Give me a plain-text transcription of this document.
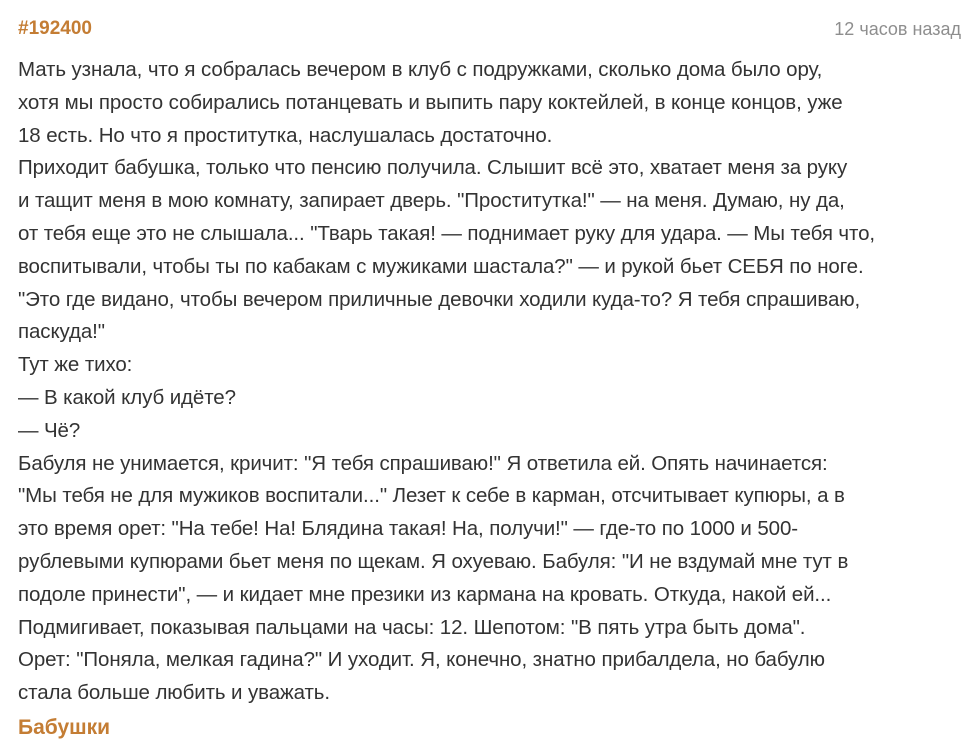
#192400	12 часов назад
Мать узнала, что я собралась вечером в клуб с подружками, сколько дома было ору,
хотя мы просто собирались потанцевать и выпить пару коктейлей, в конце концов, уже
18 есть. Но что я проститутка, наслушалась достаточно.
Приходит бабушка, только что пенсию получила. Слышит всё это, хватает меня за руку
и тащит меня в мою комнату, запирает дверь. "Проститутка!" — на меня. Думаю, ну да,
от тебя еще это не слышала... "Тварь такая! — поднимает руку для удара. — Мы тебя что,
воспитывали, чтобы ты по кабакам с мужиками шастала?" — и рукой бьет СЕБЯ по ноге.
"Это где видано, чтобы вечером приличные девочки ходили куда-то? Я тебя спрашиваю,
паскуда!"
Тут же тихо:
— В какой клуб идёте?
— Чё?
Бабуля не унимается, кричит: "Я тебя спрашиваю!" Я ответила ей. Опять начинается:
"Мы тебя не для мужиков воспитали..." Лезет к себе в карман, отсчитывает купюры, а в
это время орет: "На тебе! На! Блядина такая! На, получи!" — где-то по 1000 и 500-
рублевыми купюрами бьет меня по щекам. Я охуеваю. Бабуля: "И не вздумай мне тут в
подоле принести", — и кидает мне презики из кармана на кровать. Откуда, накой ей...
Подмигивает, показывая пальцами на часы: 12. Шепотом: "В пять утра быть дома".
Орет: "Поняла, мелкая гадина?" И уходит. Я, конечно, знатно прибалдела, но бабулю
стала больше любить и уважать.
Бабушки
